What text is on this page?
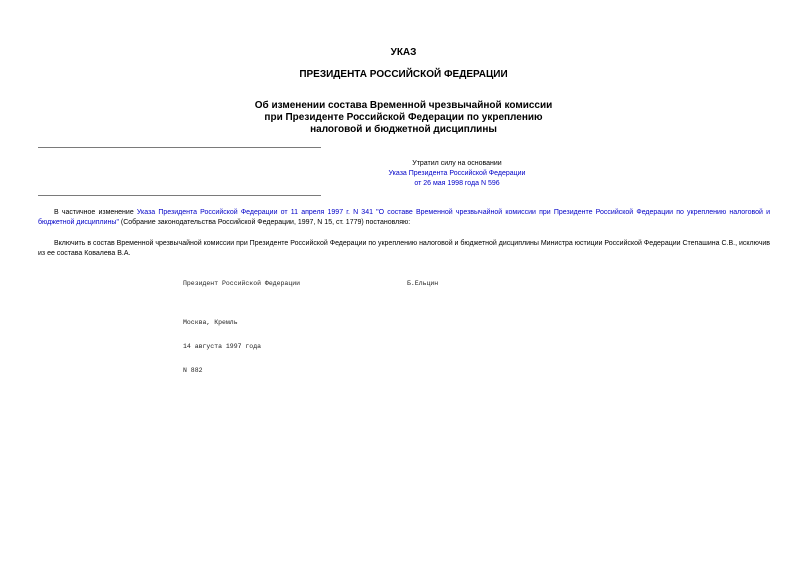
УКАЗ
ПРЕЗИДЕНТА РОССИЙСКОЙ ФЕДЕРАЦИИ
Об изменении состава Временной чрезвычайной комиссии
при Президенте Российской Федерации по укреплению
налоговой и бюджетной дисциплины
Утратил силу на основании
Указа Президента Российской Федерации
от 26 мая 1998 года N 596

В частичное изменение Указа Президента Российской Федерации от 11 апреля 1997 г. N 341 "О составе Временной чрезвычайной комиссии при Президенте Российской Федерации по укреплению налоговой и бюджетной дисциплины" (Собрание законодательства Российской Федерации, 1997, N 15, ст. 1779) постановляю:

Включить в состав Временной чрезвычайной комиссии при Президенте Российской Федерации по укреплению налоговой и бюджетной дисциплины Министра юстиции Российской Федерации Степашина С.В., исключив из ее состава Ковалева В.А.

Президент Российской Федерации	Б.Ельцин

Москва, Кремль

14 августа 1997 года

N 882
